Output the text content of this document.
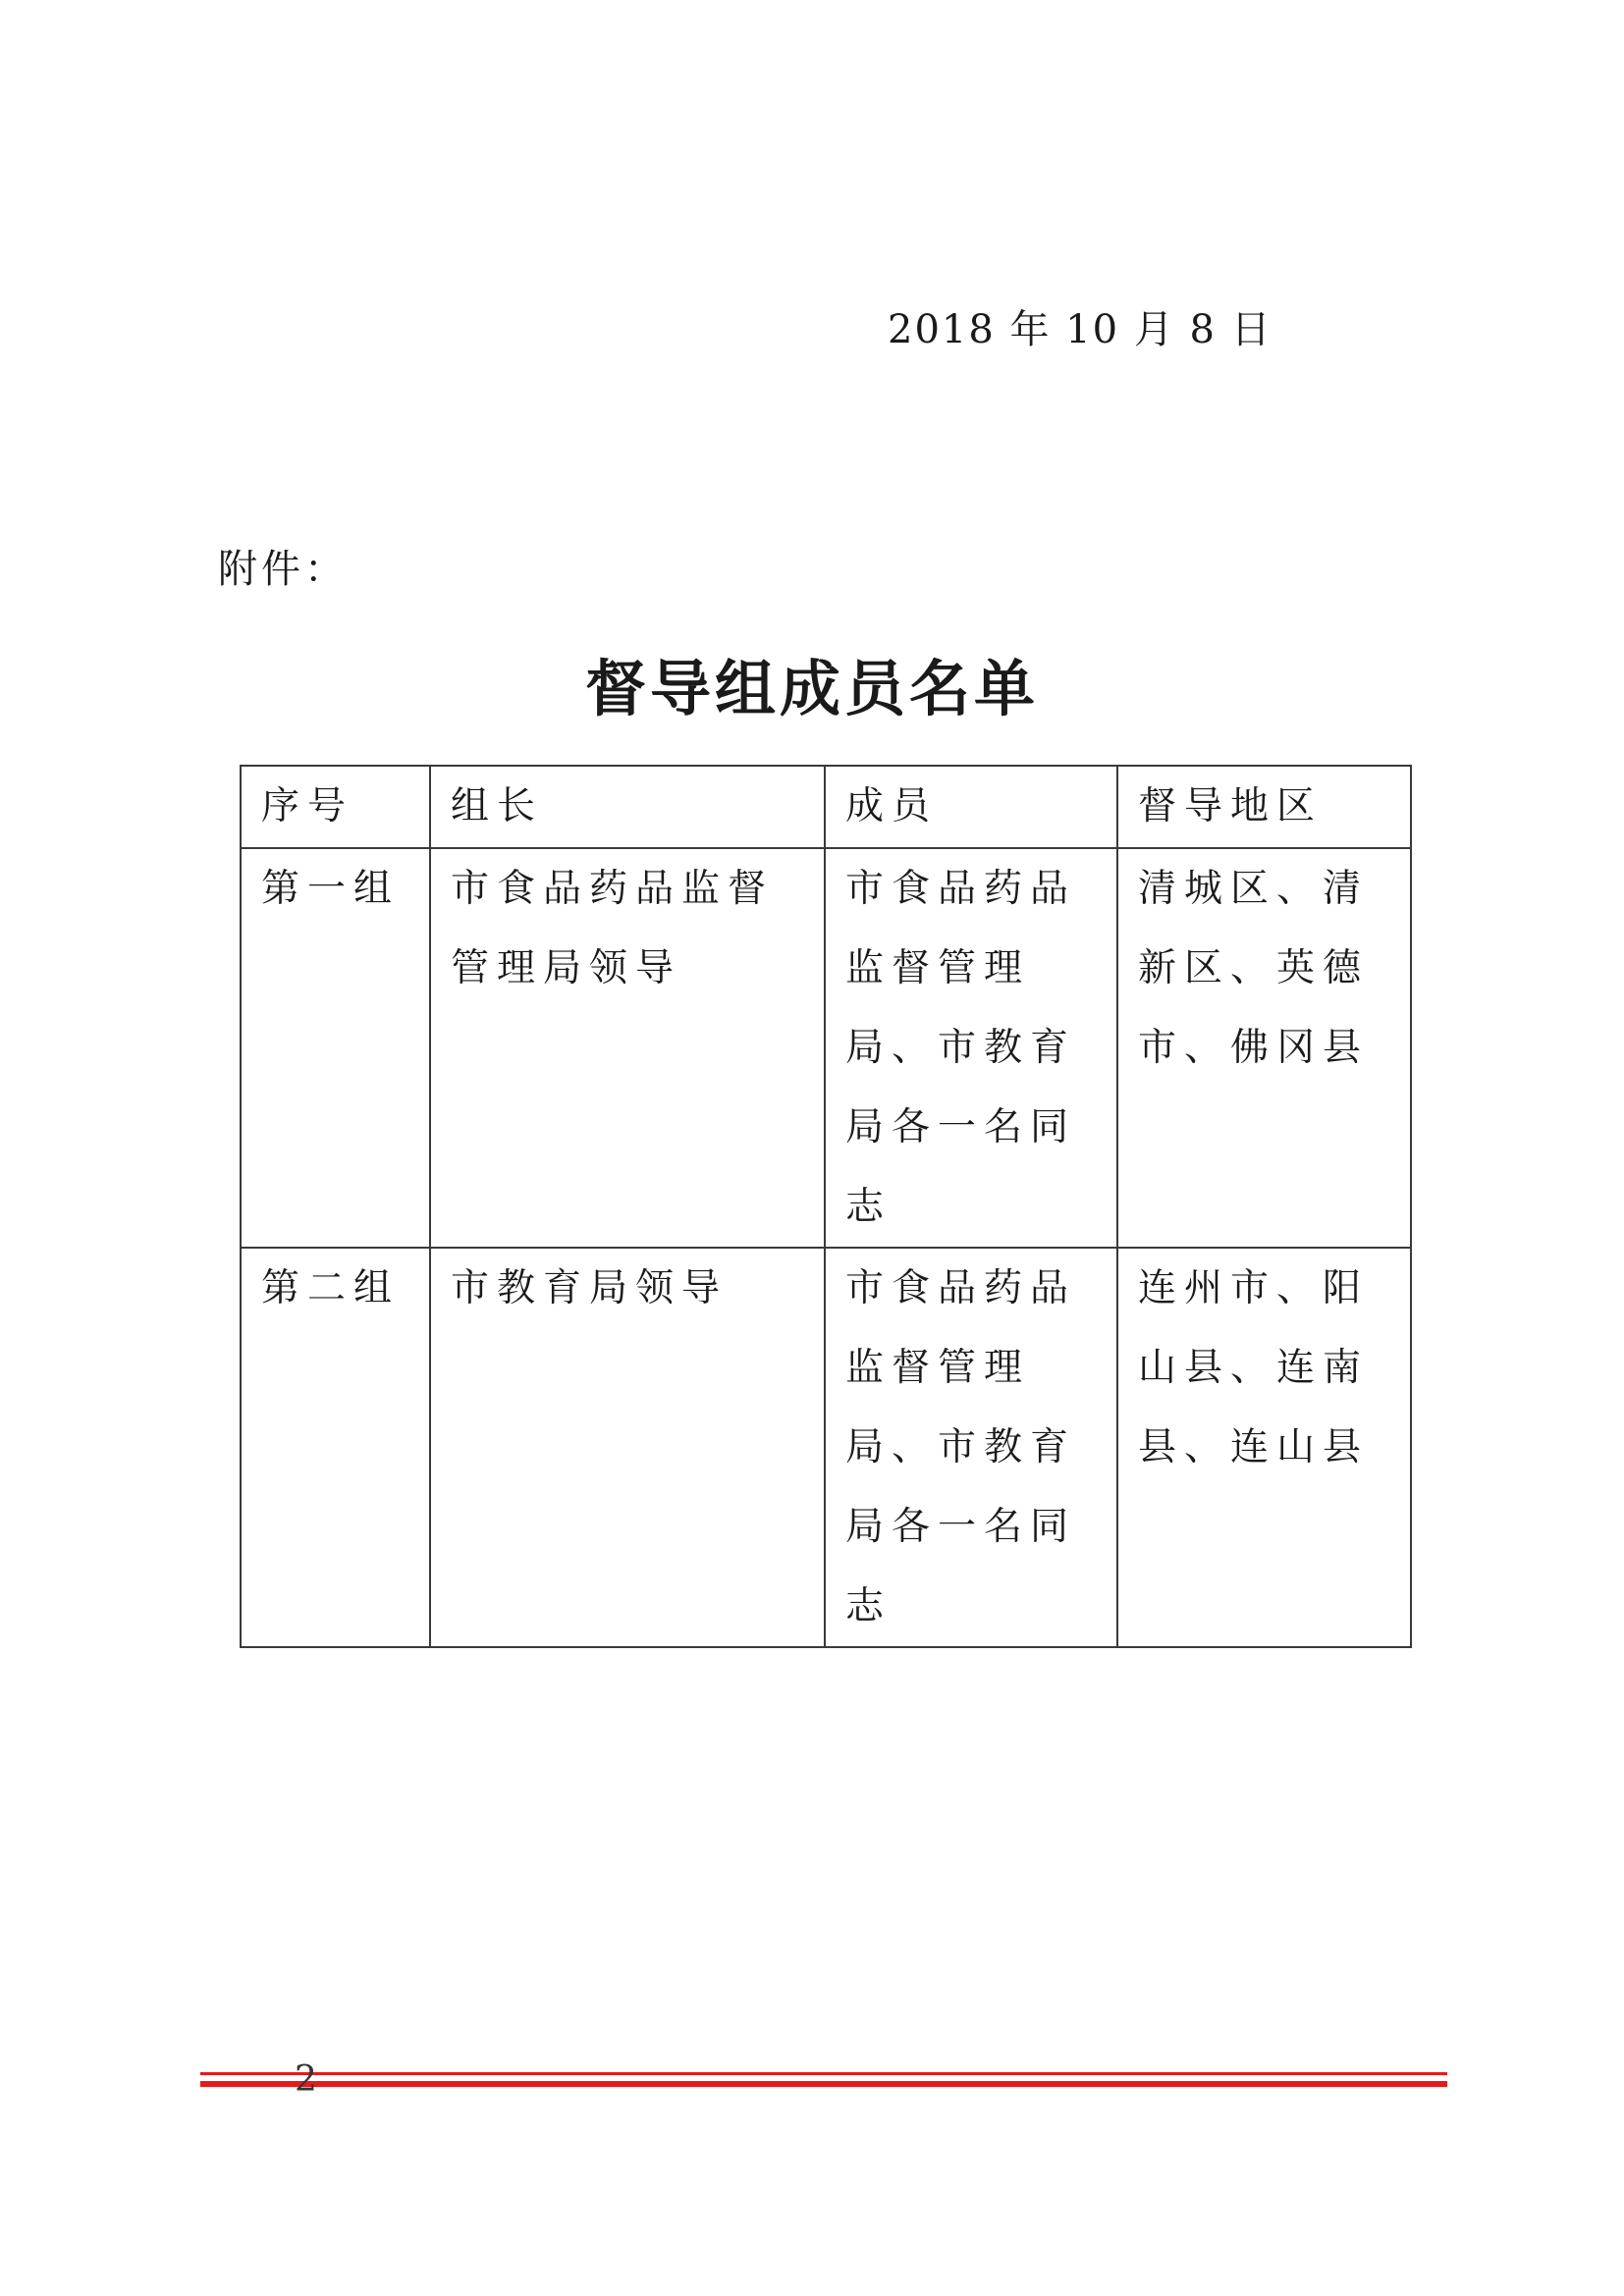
2018 年 10 月 8 日
附件：
督导组成员名单
序号	组长	成员	督导地区
第一组	市食品药品监督管理局领导	市食品药品监督管理局、市教育局各一名同志	清城区、清新区、英德市、佛冈县
第二组	市教育局领导	市食品药品监督管理局、市教育局各一名同志	连州市、阳山县、连南县、连山县
2
